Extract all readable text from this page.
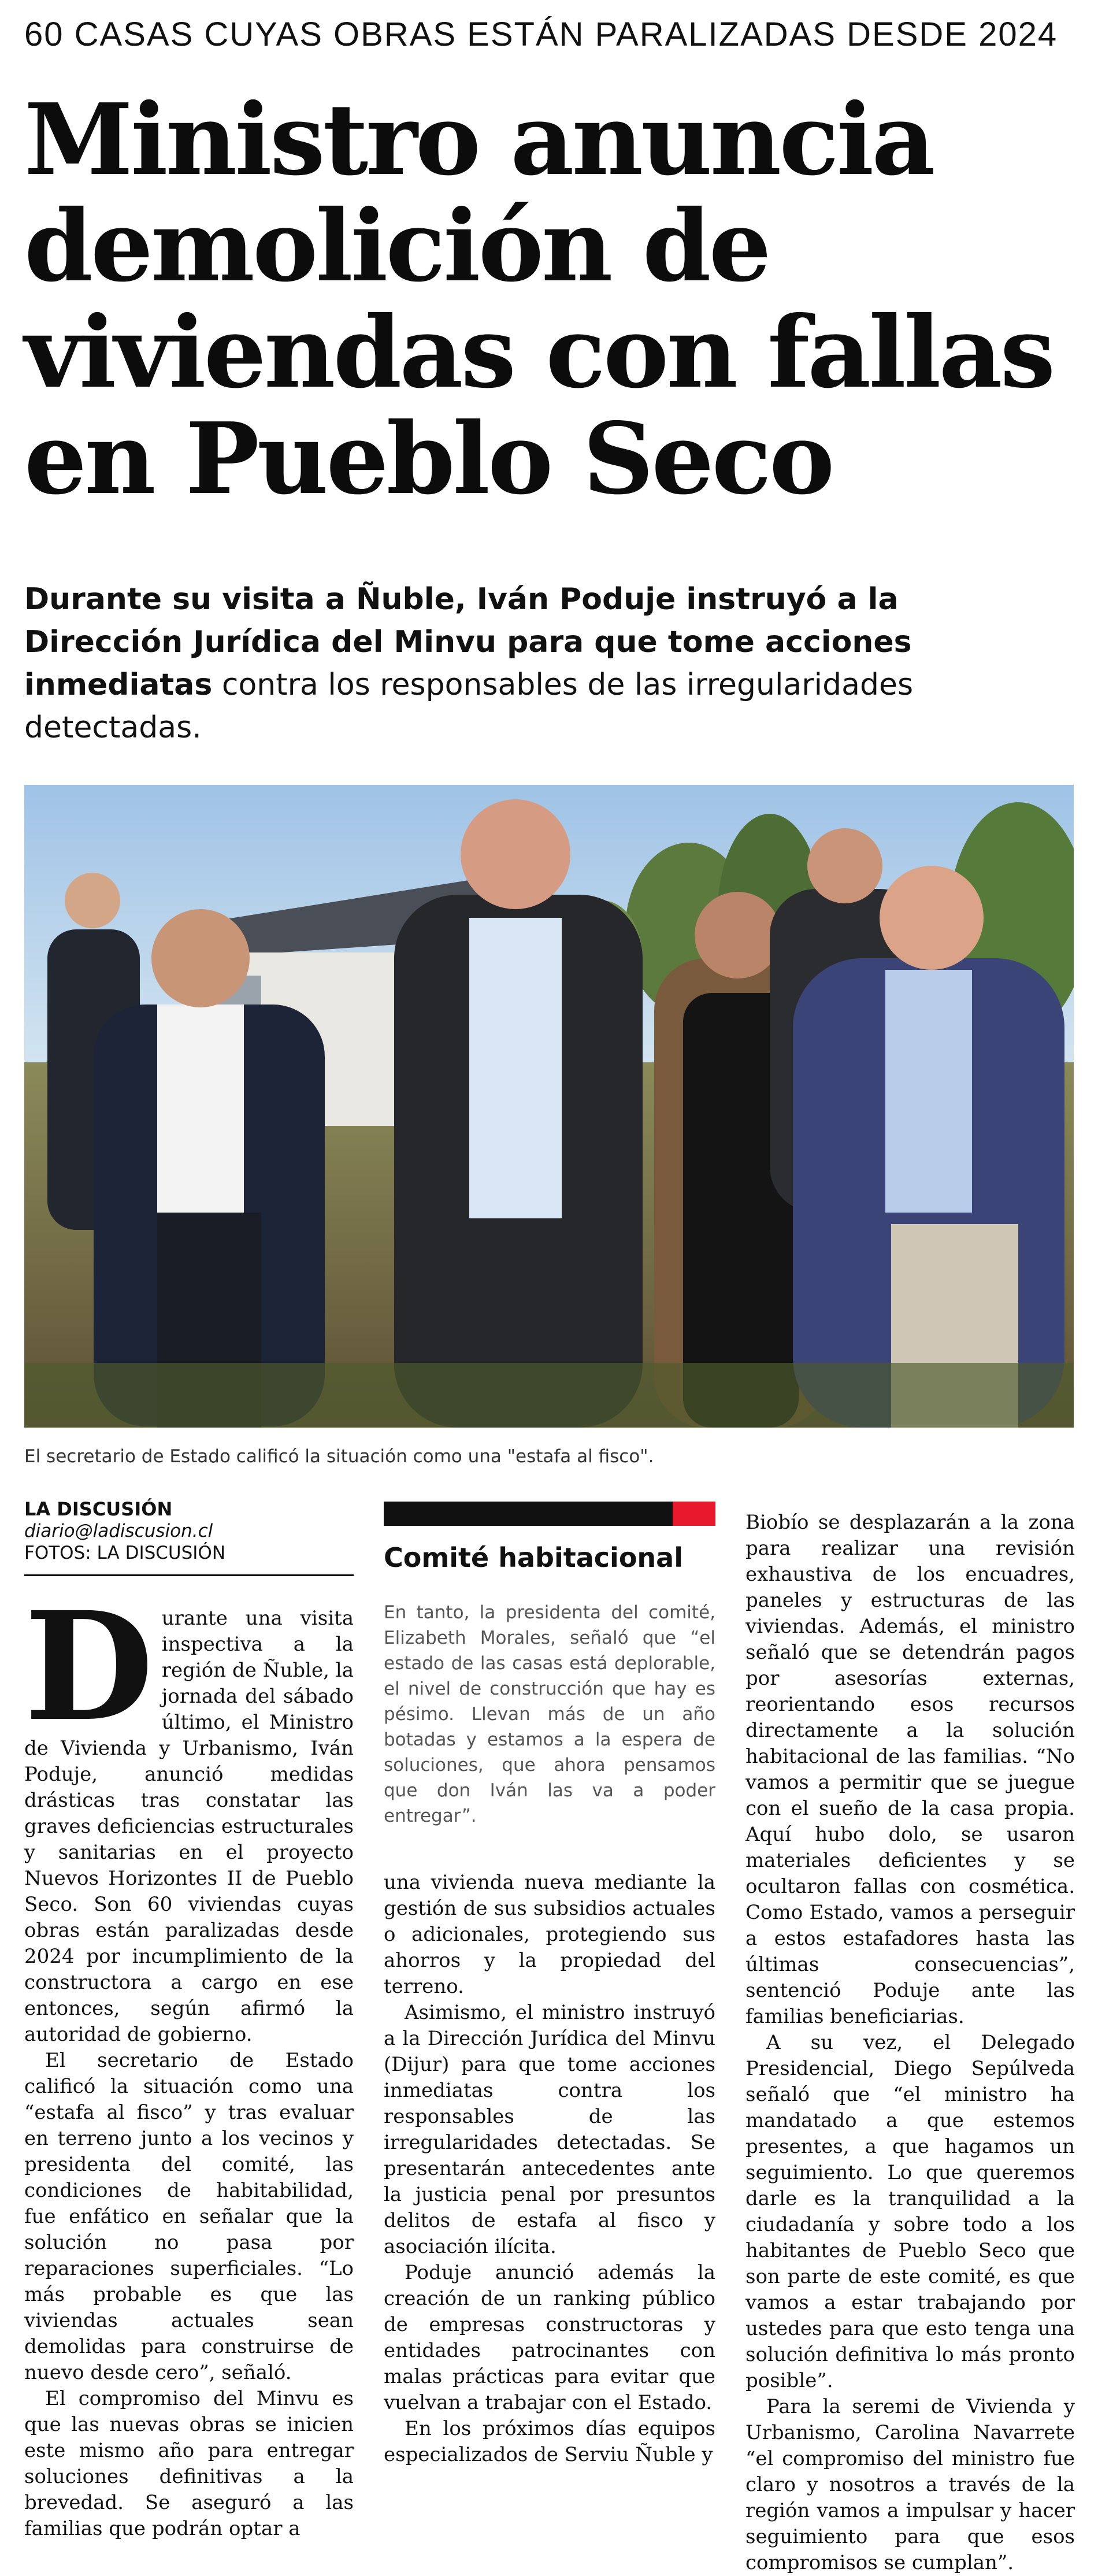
60 CASAS CUYAS OBRAS ESTÁN PARALIZADAS DESDE 2024
Ministro anuncia demolición de viviendas con fallas en Pueblo Seco
Durante su visita a Ñuble, Iván Poduje instruyó a la Dirección Jurídica del Minvu para que tome acciones inmediatas contra los responsables de las irregularidades detectadas.
El secretario de Estado calificó la situación como una "estafa al fisco".
LA DISCUSIÓN
diario@ladiscusion.cl
FOTOS: LA DISCUSIÓN
D urante una visita inspectiva a la región de Ñuble, la jornada del sábado último, el Ministro de Vivienda y Urbanismo, Iván Poduje, anunció medidas drásticas tras constatar las graves deficiencias estructurales y sanitarias en el proyecto Nuevos Horizontes II de Pueblo Seco. Son 60 viviendas cuyas obras están paralizadas desde 2024 por incumplimiento de la constructora a cargo en ese entonces, según afirmó la autoridad de gobierno.

El secretario de Estado calificó la situación como una “estafa al fisco” y tras evaluar en terreno junto a los vecinos y presidenta del comité, las condiciones de habitabilidad, fue enfático en señalar que la solución no pasa por reparaciones superficiales. “Lo más probable es que las viviendas actuales sean demolidas para construirse de nuevo desde cero”, señaló.

El compromiso del Minvu es que las nuevas obras se inicien este mismo año para entregar soluciones definitivas a la brevedad. Se aseguró a las familias que podrán optar a

Comité habitacional
En tanto, la presidenta del comité, Elizabeth Morales, señaló que “el estado de las casas está deplorable, el nivel de construcción que hay es pésimo. Llevan más de un año botadas y estamos a la espera de soluciones, que ahora pensamos que don Iván las va a poder entregar”.

una vivienda nueva mediante la gestión de sus subsidios actuales o adicionales, protegiendo sus ahorros y la propiedad del terreno.

Asimismo, el ministro instruyó a la Dirección Jurídica del Minvu (Dijur) para que tome acciones inmediatas contra los responsables de las irregularidades detectadas. Se presentarán antecedentes ante la justicia penal por presuntos delitos de estafa al fisco y asociación ilícita.

Poduje anunció además la creación de un ranking público de empresas constructoras y entidades patrocinantes con malas prácticas para evitar que vuelvan a trabajar con el Estado.

En los próximos días equipos especializados de Serviu Ñuble y

Biobío se desplazarán a la zona para realizar una revisión exhaustiva de los encuadres, paneles y estructuras de las viviendas. Además, el ministro señaló que se detendrán pagos por asesorías externas, reorientando esos recursos directamente a la solución habitacional de las familias. “No vamos a permitir que se juegue con el sueño de la casa propia. Aquí hubo dolo, se usaron materiales deficientes y se ocultaron fallas con cosmética. Como Estado, vamos a perseguir a estos estafadores hasta las últimas consecuencias”, sentenció Poduje ante las familias beneficiarias.

A su vez, el Delegado Presidencial, Diego Sepúlveda señaló que “el ministro ha mandatado a que estemos presentes, a que hagamos un seguimiento. Lo que queremos darle es la tranquilidad a la ciudadanía y sobre todo a los habitantes de Pueblo Seco que son parte de este comité, es que vamos a estar trabajando por ustedes para que esto tenga una solución definitiva lo más pronto posible”.

Para la seremi de Vivienda y Urbanismo, Carolina Navarrete “el compromiso del ministro fue claro y nosotros a través de la región vamos a impulsar y hacer seguimiento para que esos compromisos se cumplan”.
